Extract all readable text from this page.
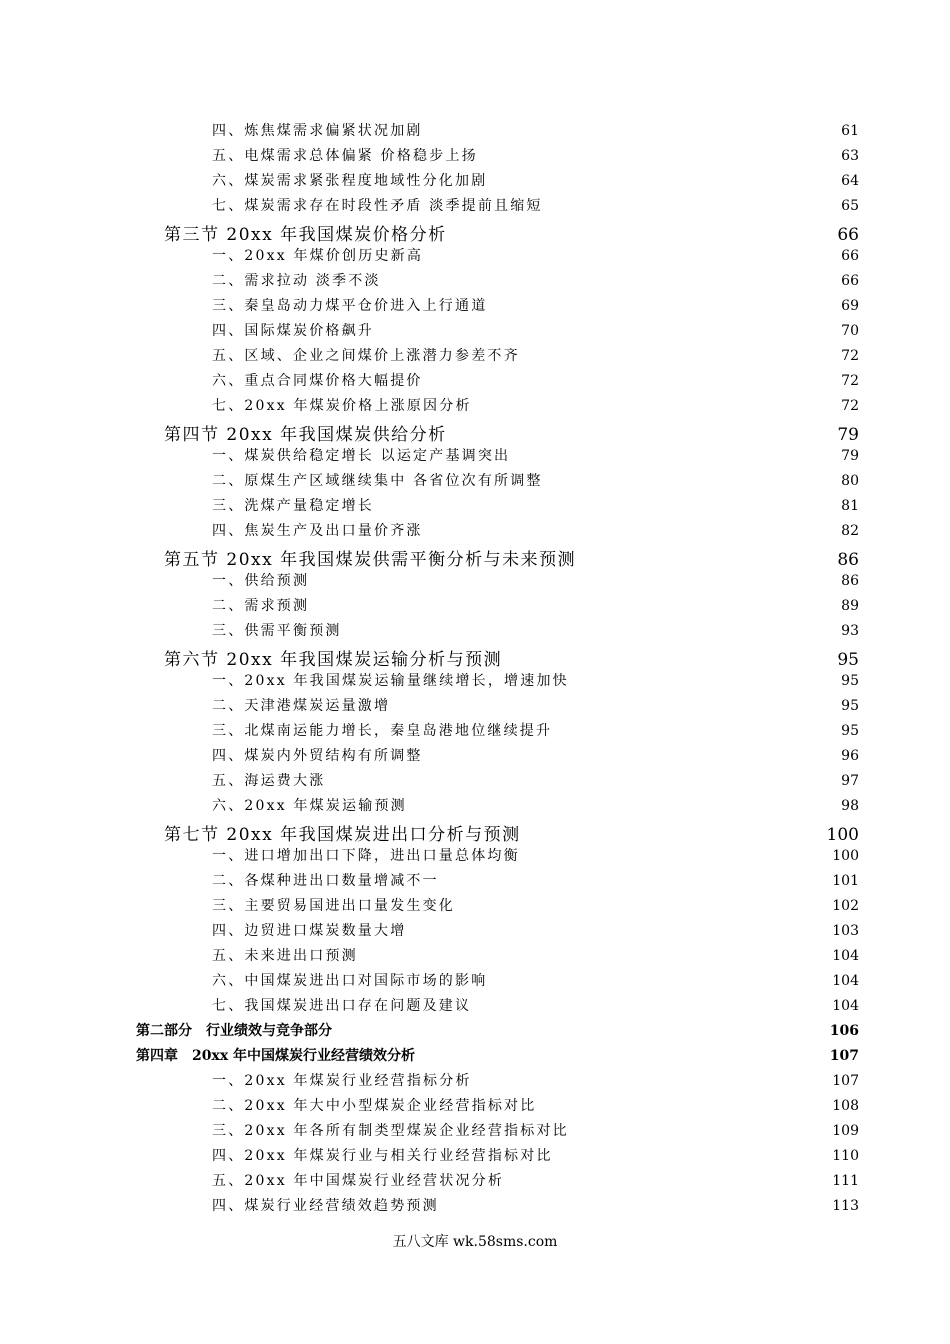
四、炼焦煤需求偏紧状况加剧	61
五、电煤需求总体偏紧 价格稳步上扬	63
六、煤炭需求紧张程度地域性分化加剧	64
七、煤炭需求存在时段性矛盾 淡季提前且缩短	65
第三节 20xx 年我国煤炭价格分析	66
一、20xx 年煤价创历史新高	66
二、需求拉动 淡季不淡	66
三、秦皇岛动力煤平仓价进入上行通道	69
四、国际煤炭价格飙升	70
五、区域、企业之间煤价上涨潜力参差不齐	72
六、重点合同煤价格大幅提价	72
七、20xx 年煤炭价格上涨原因分析	72
第四节 20xx 年我国煤炭供给分析	79
一、煤炭供给稳定增长 以运定产基调突出	79
二、原煤生产区域继续集中 各省位次有所调整	80
三、洗煤产量稳定增长	81
四、焦炭生产及出口量价齐涨	82
第五节 20xx 年我国煤炭供需平衡分析与未来预测	86
一、供给预测	86
二、需求预测	89
三、供需平衡预测	93
第六节 20xx 年我国煤炭运输分析与预测	95
一、20xx 年我国煤炭运输量继续增长，增速加快	95
二、天津港煤炭运量激增	95
三、北煤南运能力增长，秦皇岛港地位继续提升	95
四、煤炭内外贸结构有所调整	96
五、海运费大涨	97
六、20xx 年煤炭运输预测	98
第七节 20xx 年我国煤炭进出口分析与预测	100
一、进口增加出口下降，进出口量总体均衡	100
二、各煤种进出口数量增减不一	101
三、主要贸易国进出口量发生变化	102
四、边贸进口煤炭数量大增	103
五、未来进出口预测	104
六、中国煤炭进出口对国际市场的影响	104
七、我国煤炭进出口存在问题及建议	104
第二部分　行业绩效与竞争部分	106
第四章　20xx 年中国煤炭行业经营绩效分析	107
一、20xx 年煤炭行业经营指标分析	107
二、20xx 年大中小型煤炭企业经营指标对比	108
三、20xx 年各所有制类型煤炭企业经营指标对比	109
四、20xx 年煤炭行业与相关行业经营指标对比	110
五、20xx 年中国煤炭行业经营状况分析	111
四、煤炭行业经营绩效趋势预测	113
五八文库 wk.58sms.com
